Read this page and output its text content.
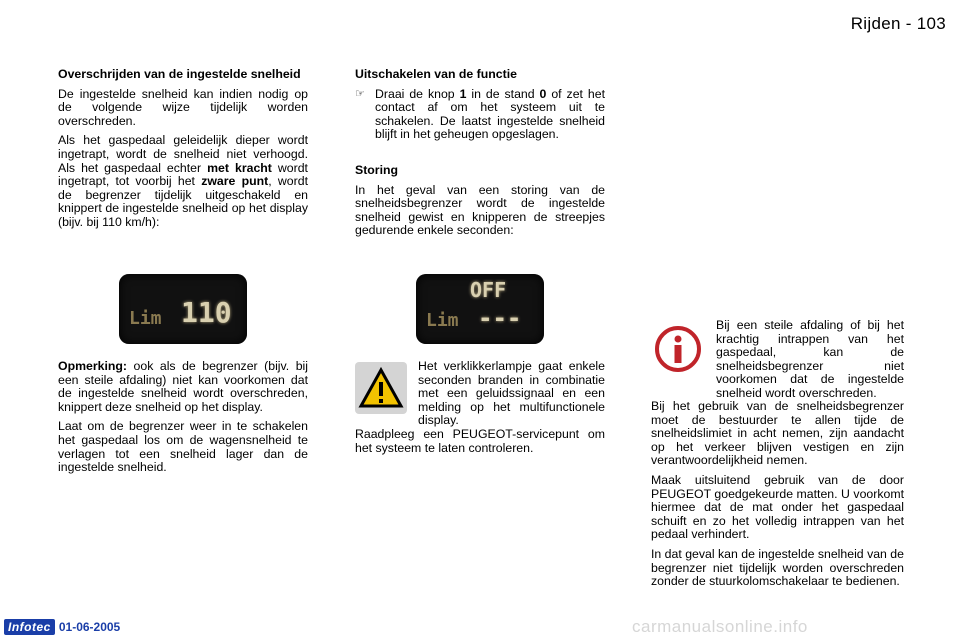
Rijden - 103

Overschrijden van de ingestelde snelheid

De ingestelde snelheid kan indien nodig op de volgende wijze tijdelijk worden overschreden.

Als het gaspedaal geleidelijk dieper wordt ingetrapt, wordt de snelheid niet verhoogd. Als het gaspedaal echter met kracht wordt ingetrapt, tot voorbij het zware punt, wordt de begrenzer tijdelijk uitgeschakeld en knippert de ingestelde snelheid op het display (bijv. bij 110 km/h):

Lim 110

Opmerking: ook als de begrenzer (bijv. bij een steile afdaling) niet kan voorkomen dat de ingestelde snelheid wordt overschreden, knippert deze snelheid op het display.

Laat om de begrenzer weer in te schakelen het gaspedaal los om de wagensnelheid te verlagen tot een snelheid lager dan de ingestelde snelheid.

Uitschakelen van de functie

☞ Draai de knop 1 in de stand 0 of zet het contact af om het systeem uit te schakelen. De laatst ingestelde snelheid blijft in het geheugen opgeslagen.

Storing

In het geval van een storing van de snelheidsbegrenzer wordt de ingestelde snelheid gewist en knipperen de streepjes gedurende enkele seconden:

OFF
Lim ---

Het verklikkerlampje gaat enkele seconden branden in combinatie met een geluidssignaal en een melding op het multifunctionele display.

Raadpleeg een PEUGEOT-servicepunt om het systeem te laten controleren.

Bij een steile afdaling of bij het krachtig intrappen van het gaspedaal, kan de snelheidsbegrenzer niet voorkomen dat de ingestelde snelheid wordt overschreden.

Bij het gebruik van de snelheidsbegrenzer moet de bestuurder te allen tijde de snelheidslimiet in acht nemen, zijn aandacht op het verkeer blijven vestigen en zijn verantwoordelijkheid nemen.

Maak uitsluitend gebruik van de door PEUGEOT goedgekeurde matten. U voorkomt hiermee dat de mat onder het gaspedaal schuift en zo het volledig intrappen van het pedaal verhindert.

In dat geval kan de ingestelde snelheid van de begrenzer niet tijdelijk worden overschreden zonder de stuurkolomschakelaar te bedienen.

Infotec 01-06-2005	carmanualsonline.info
